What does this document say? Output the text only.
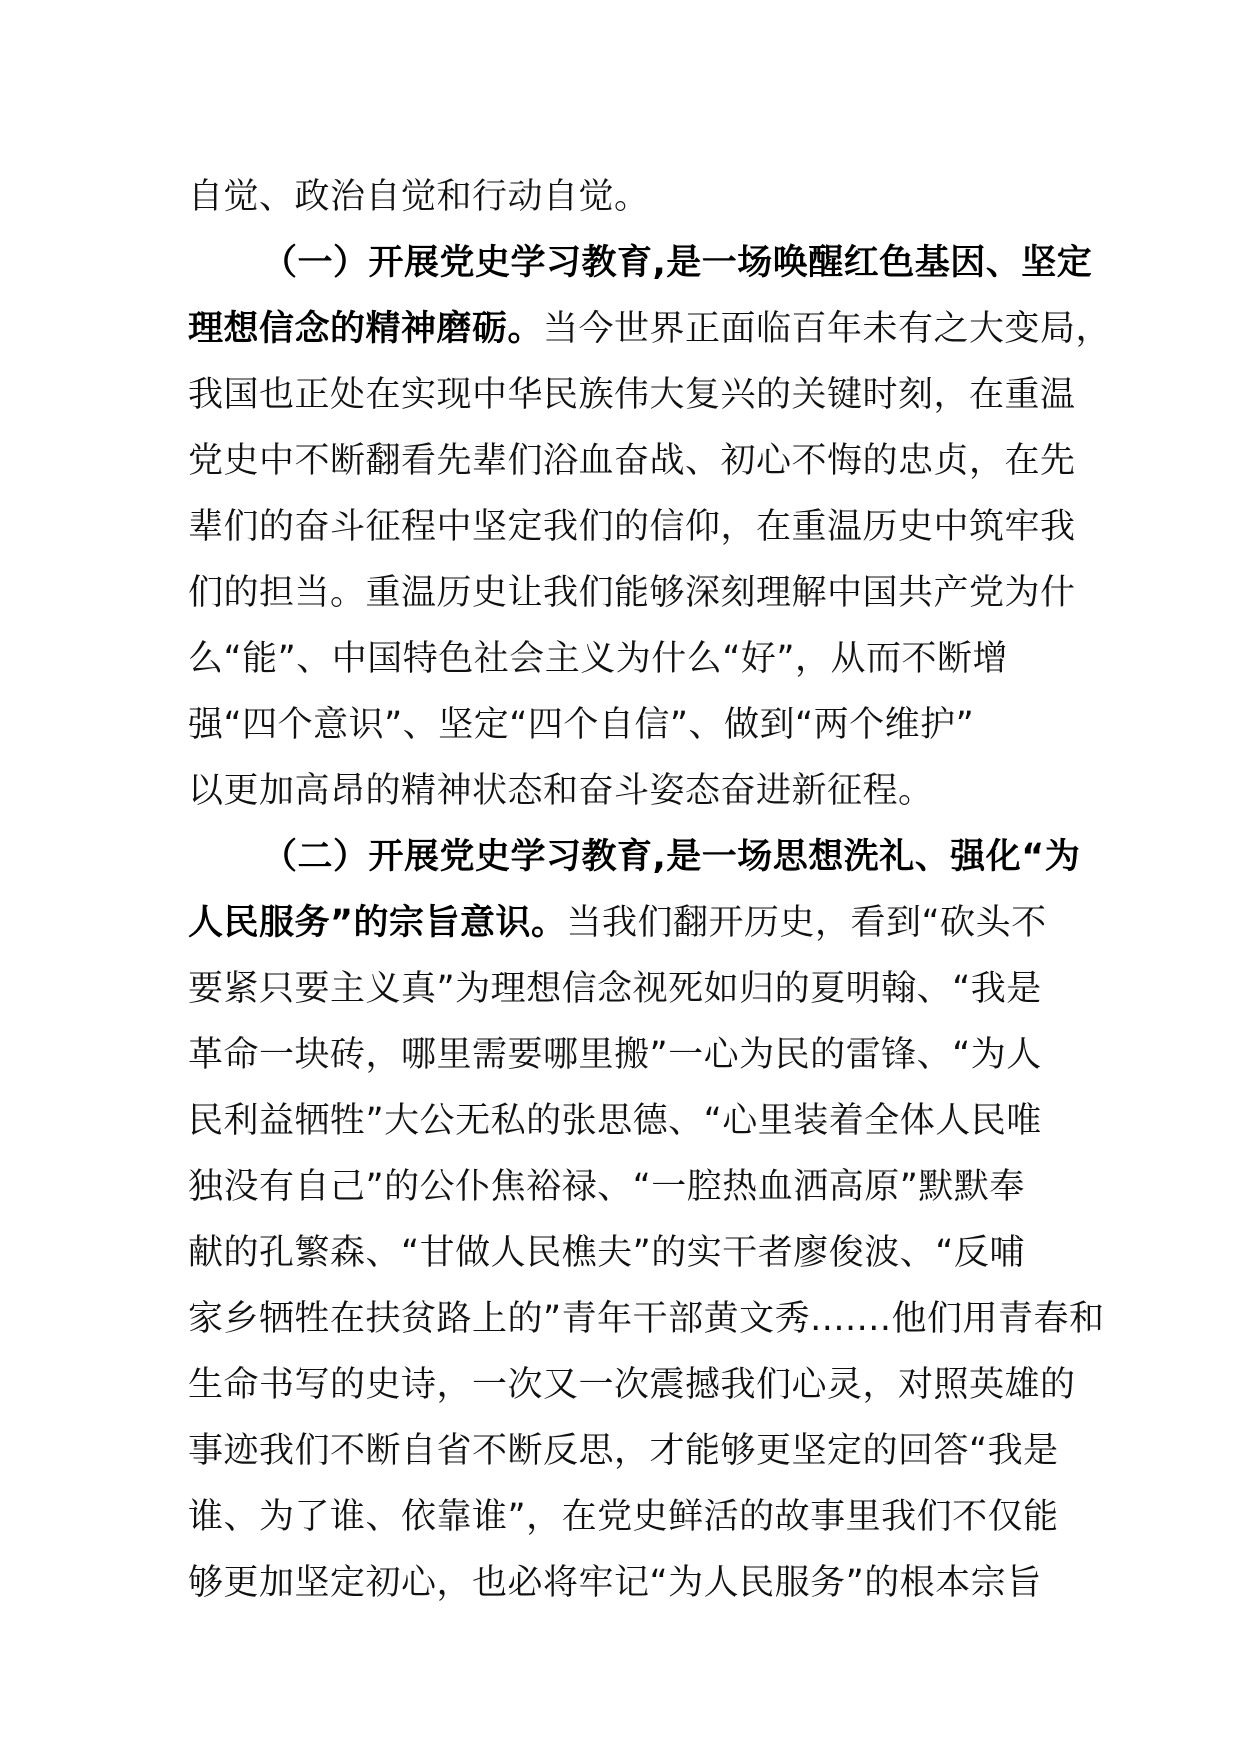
自觉、政治自觉和行动自觉。
（一）开展党史学习教育,是一场唤醒红色基因、坚定
理想信念的精神磨砺。当今世界正面临百年未有之大变局，
我国也正处在实现中华民族伟大复兴的关键时刻，在重温
党史中不断翻看先辈们浴血奋战、初心不悔的忠贞，在先
辈们的奋斗征程中坚定我们的信仰，在重温历史中筑牢我
们的担当。重温历史让我们能够深刻理解中国共产党为什
么“能”、中国特色社会主义为什么“好”，从而不断增
强“四个意识”、坚定“四个自信”、做到“两个维护”
以更加高昂的精神状态和奋斗姿态奋进新征程。
（二）开展党史学习教育,是一场思想洗礼、强化“为
人民服务”的宗旨意识。当我们翻开历史，看到“砍头不
要紧只要主义真”为理想信念视死如归的夏明翰、“我是
革命一块砖，哪里需要哪里搬”一心为民的雷锋、“为人
民利益牺牲”大公无私的张思德、“心里装着全体人民唯
独没有自己”的公仆焦裕禄、“一腔热血洒高原”默默奉
献的孔繁森、“甘做人民樵夫”的实干者廖俊波、“反哺
家乡牺牲在扶贫路上的”青年干部黄文秀.......他们用青春和
生命书写的史诗，一次又一次震撼我们心灵，对照英雄的
事迹我们不断自省不断反思，才能够更坚定的回答“我是
谁、为了谁、依靠谁”，在党史鲜活的故事里我们不仅能
够更加坚定初心，也必将牢记“为人民服务”的根本宗旨
